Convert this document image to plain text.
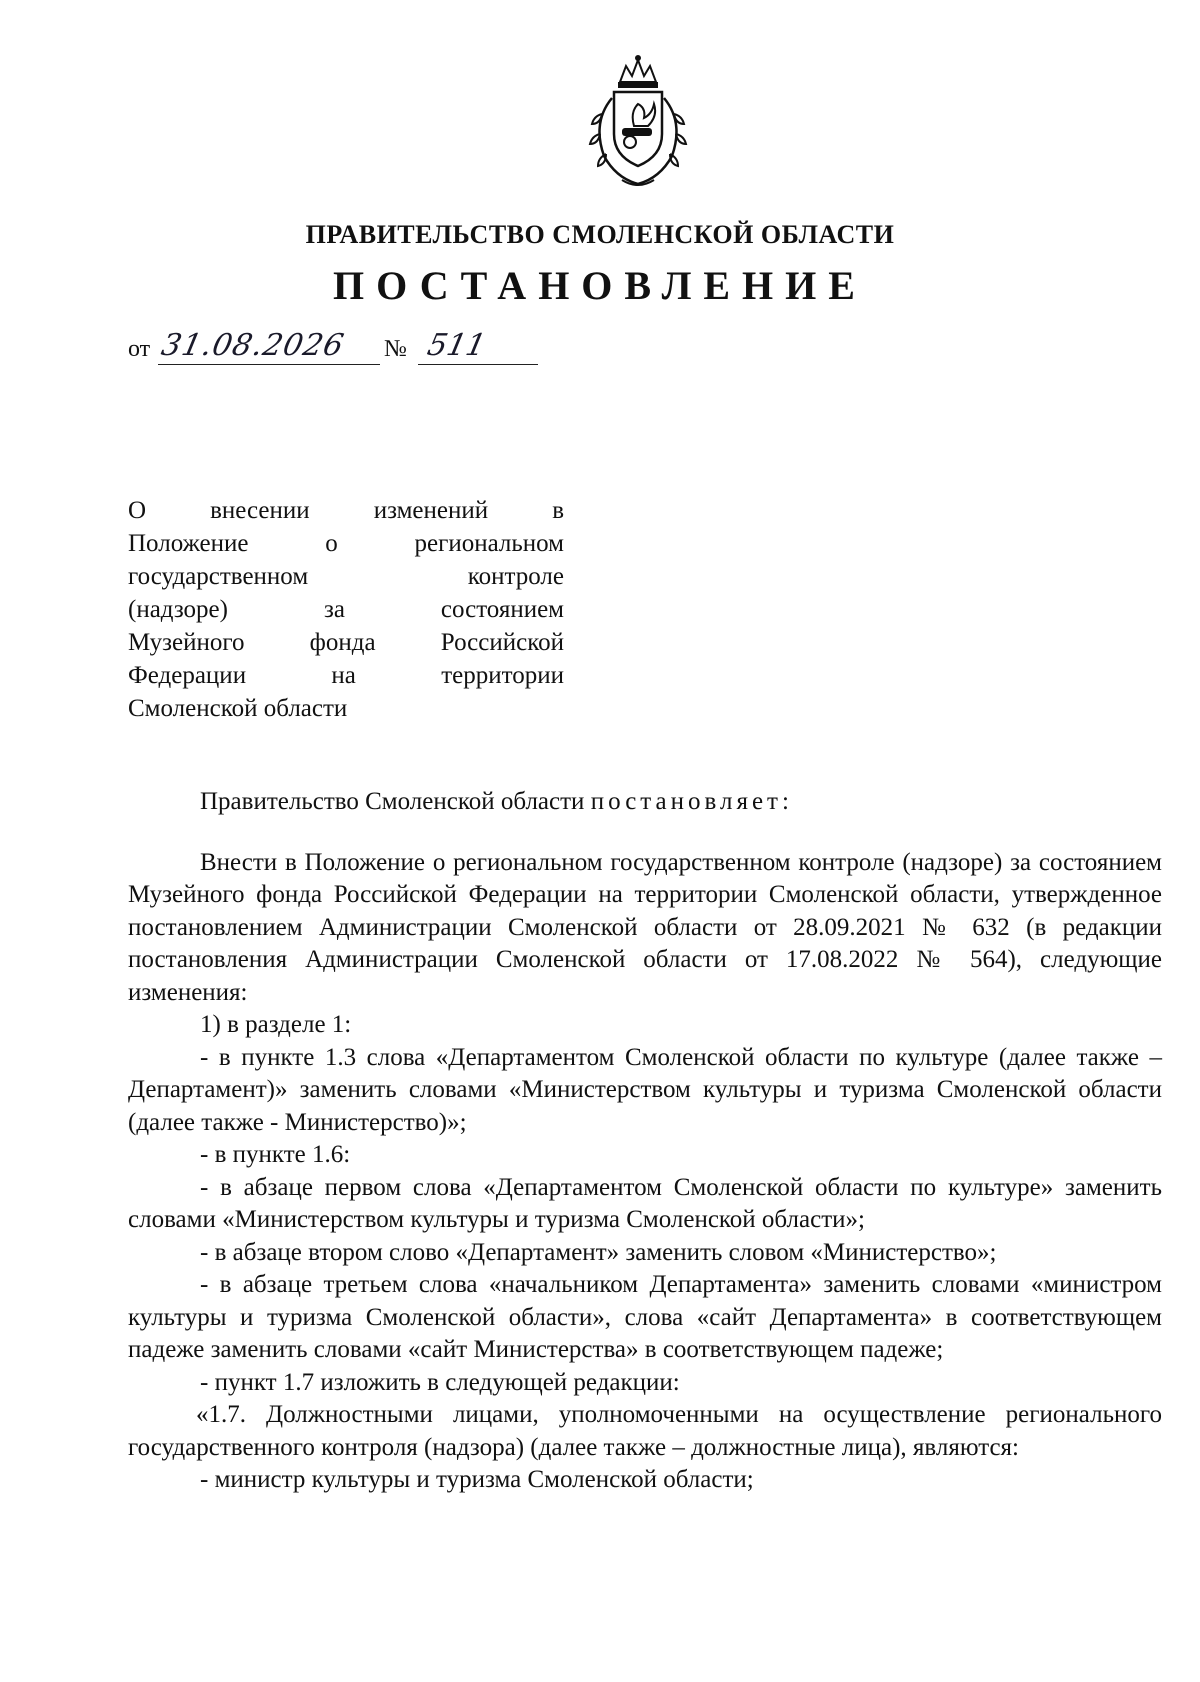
ПРАВИТЕЛЬСТВО СМОЛЕНСКОЙ ОБЛАСТИ
ПОСТАНОВЛЕНИЕ
от 31.08.2026 № 511
О внесении изменений в
Положение о региональном
государственном контроле
(надзоре) за состоянием
Музейного фонда Российской
Федерации на территории
Смоленской области

Правительство Смоленской области постановляет:

Внести в Положение о региональном государственном контроле (надзоре) за состоянием Музейного фонда Российской Федерации на территории Смоленской области, утвержденное постановлением Администрации Смоленской области от 28.09.2021 № 632 (в редакции постановления Администрации Смоленской области от 17.08.2022 № 564), следующие изменения:

1) в разделе 1:

- в пункте 1.3 слова «Департаментом Смоленской области по культуре (далее также – Департамент)» заменить словами «Министерством культуры и туризма Смоленской области (далее также - Министерство)»;

- в пункте 1.6:

- в абзаце первом слова «Департаментом Смоленской области по культуре» заменить словами «Министерством культуры и туризма Смоленской области»;

- в абзаце втором слово «Департамент» заменить словом «Министерство»;

- в абзаце третьем слова «начальником Департамента» заменить словами «министром культуры и туризма Смоленской области», слова «сайт Департамента» в соответствующем падеже заменить словами «сайт Министерства» в соответствующем падеже;

- пункт 1.7 изложить в следующей редакции:

«1.7. Должностными лицами, уполномоченными на осуществление регионального государственного контроля (надзора) (далее также – должностные лица), являются:

- министр культуры и туризма Смоленской области;
